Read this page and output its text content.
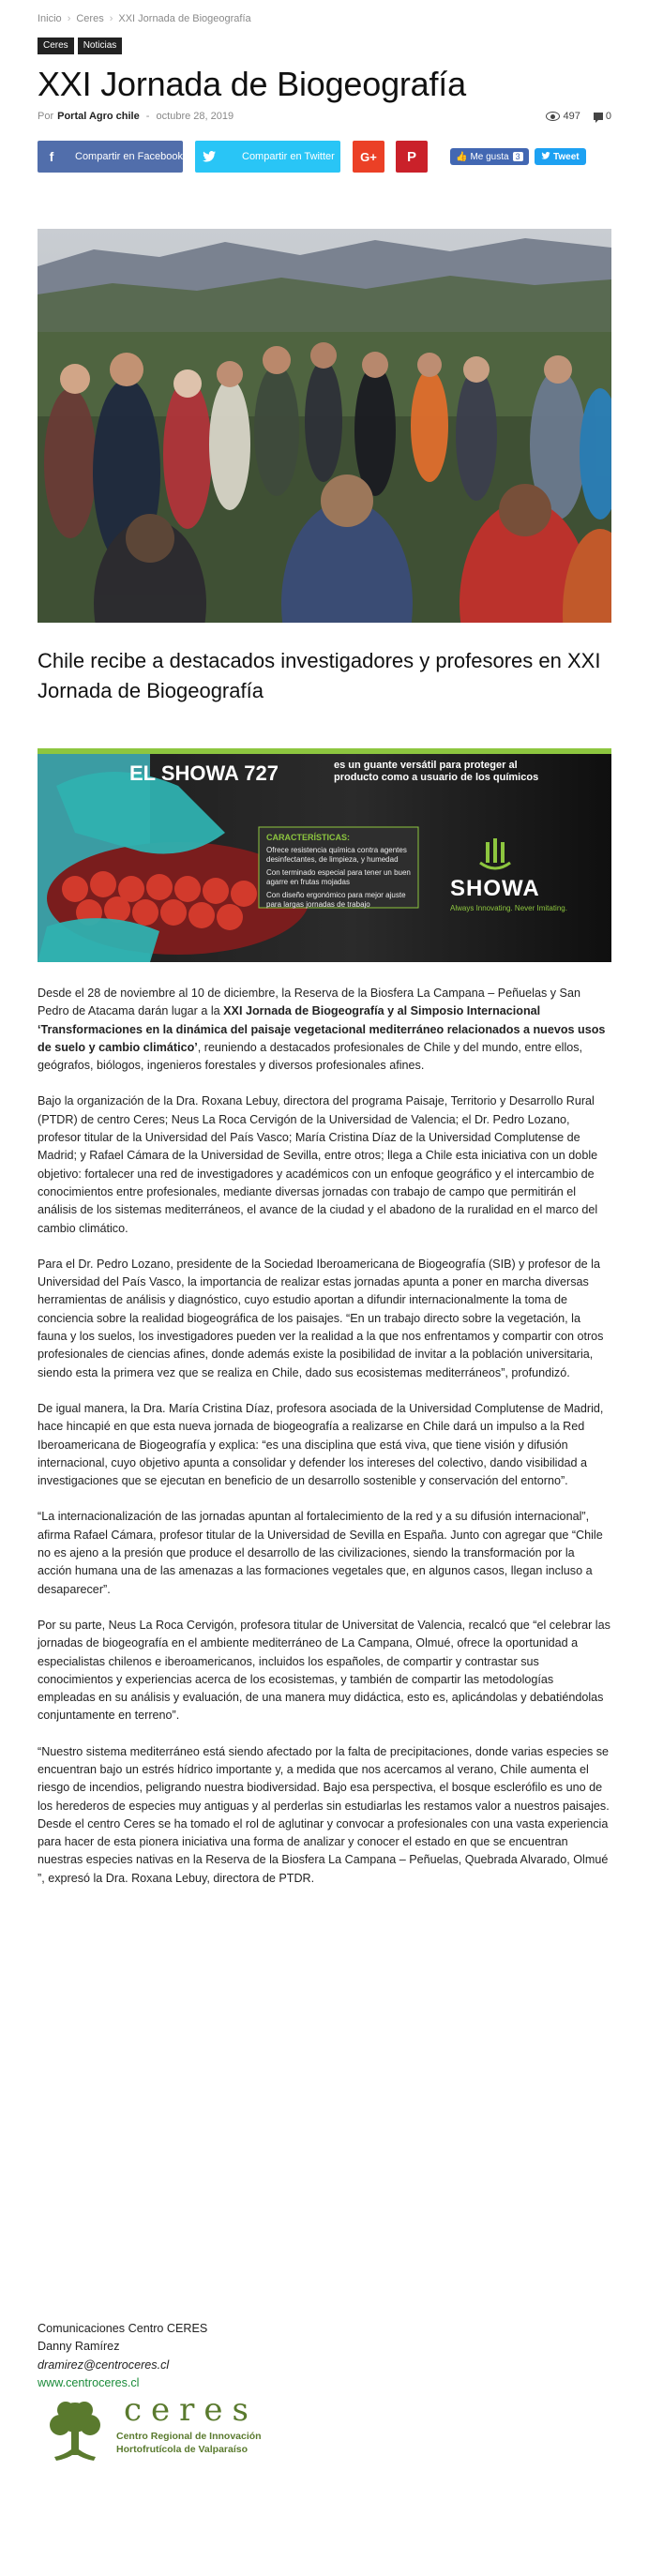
Inicio › Ceres › XXI Jornada de Biogeografía
Ceres	Noticias
XXI Jornada de Biogeografía
Por Portal Agro chile - octubre 28, 2019	497	0
f	Compartir en Facebook	Compartir en Twitter G+ P	👍 Me gusta 3	Tweet
Chile recibe a destacados investigadores y profesores en XXI Jornada de Biogeografía
EL SHOWA 727	es un guante versátil para proteger al
producto como a usuario de los químicos
CARACTERÍSTICAS:
Ofrece resistencia química contra agentes desinfectantes, de limpieza, y humedad
Con terminado especial para tener un buen agarre en frutas mojadas
Con diseño ergonómico para mejor ajuste para largas jornadas de trabajo
SHOWA
Always Innovating. Never Imitating.

Desde el 28 de noviembre al 10 de diciembre, la Reserva de la Biosfera La Campana – Peñuelas y San Pedro de Atacama darán lugar a la XXI Jornada de Biogeografía y al Simposio Internacional ‘Transformaciones en la dinámica del paisaje vegetacional mediterráneo relacionados a nuevos usos de suelo y cambio climático’, reuniendo a destacados profesionales de Chile y del mundo, entre ellos, geógrafos, biólogos, ingenieros forestales y diversos profesionales afines.

Bajo la organización de la Dra. Roxana Lebuy, directora del programa Paisaje, Territorio y Desarrollo Rural (PTDR) de centro Ceres; Neus La Roca Cervigón de la Universidad de Valencia; el Dr. Pedro Lozano, profesor titular de la Universidad del País Vasco; María Cristina Díaz de la Universidad Complutense de Madrid; y Rafael Cámara de la Universidad de Sevilla, entre otros; llega a Chile esta iniciativa con un doble objetivo: fortalecer una red de investigadores y académicos con un enfoque geográfico y el intercambio de conocimientos entre profesionales, mediante diversas jornadas con trabajo de campo que permitirán el análisis de los sistemas mediterráneos, el avance de la ciudad y el abadono de la ruralidad en el marco del cambio climático.

Para el Dr. Pedro Lozano, presidente de la Sociedad Iberoamericana de Biogeografía (SIB) y profesor de la Universidad del País Vasco, la importancia de realizar estas jornadas apunta a poner en marcha diversas herramientas de análisis y diagnóstico, cuyo estudio aportan a difundir internacionalmente la toma de conciencia sobre la realidad biogeográfica de los paisajes. “En un trabajo directo sobre la vegetación, la fauna y los suelos, los investigadores pueden ver la realidad a la que nos enfrentamos y compartir con otros profesionales de ciencias afines, donde además existe la posibilidad de invitar a la población universitaria, siendo esta la primera vez que se realiza en Chile, dado sus ecosistemas mediterráneos”, profundizó.

De igual manera, la Dra. María Cristina Díaz, profesora asociada de la Universidad Complutense de Madrid, hace hincapié en que esta nueva jornada de biogeografía a realizarse en Chile dará un impulso a la Red Iberoamericana de Biogeografía y explica: “es una disciplina que está viva, que tiene visión y difusión internacional, cuyo objetivo apunta a consolidar y defender los intereses del colectivo, dando visibilidad a investigaciones que se ejecutan en beneficio de un desarrollo sostenible y conservación del entorno”.

“La internacionalización de las jornadas apuntan al fortalecimiento de la red y a su difusión internacional”, afirma Rafael Cámara, profesor titular de la Universidad de Sevilla en España. Junto con agregar que “Chile no es ajeno a la presión que produce el desarrollo de las civilizaciones, siendo la transformación por la acción humana una de las amenazas a las formaciones vegetales que, en algunos casos, llegan incluso a desaparecer”.

Por su parte, Neus La Roca Cervigón, profesora titular de Universitat de Valencia, recalcó que “el celebrar las jornadas de biogeografía en el ambiente mediterráneo de La Campana, Olmué, ofrece la oportunidad a especialistas chilenos e iberoamericanos, incluidos los españoles, de compartir y contrastar sus conocimientos y experiencias acerca de los ecosistemas, y también de compartir las metodologías empleadas en su análisis y evaluación, de una manera muy didáctica, esto es, aplicándolas y debatiéndolas conjuntamente en terreno”.

“Nuestro sistema mediterráneo está siendo afectado por la falta de precipitaciones, donde varias especies se encuentran bajo un estrés hídrico importante y, a medida que nos acercamos al verano, Chile aumenta el riesgo de incendios, peligrando nuestra biodiversidad. Bajo esa perspectiva, el bosque esclerófilo es uno de los herederos de especies muy antiguas y al perderlas sin estudiarlas les restamos valor a nuestros paisajes. Desde el centro Ceres se ha tomado el rol de aglutinar y convocar a profesionales con una vasta experiencia para hacer de esta pionera iniciativa una forma de analizar y conocer el estado en que se encuentran nuestras especies nativas en la Reserva de la Biosfera La Campana – Peñuelas, Quebrada Alvarado, Olmué ”, expresó la Dra. Roxana Lebuy, directora de PTDR.

Comunicaciones Centro CERES
Danny Ramírez
dramirez@centroceres.cl
www.centroceres.cl
ceres
Centro Regional de Innovación
Hortofrutícola de Valparaíso
